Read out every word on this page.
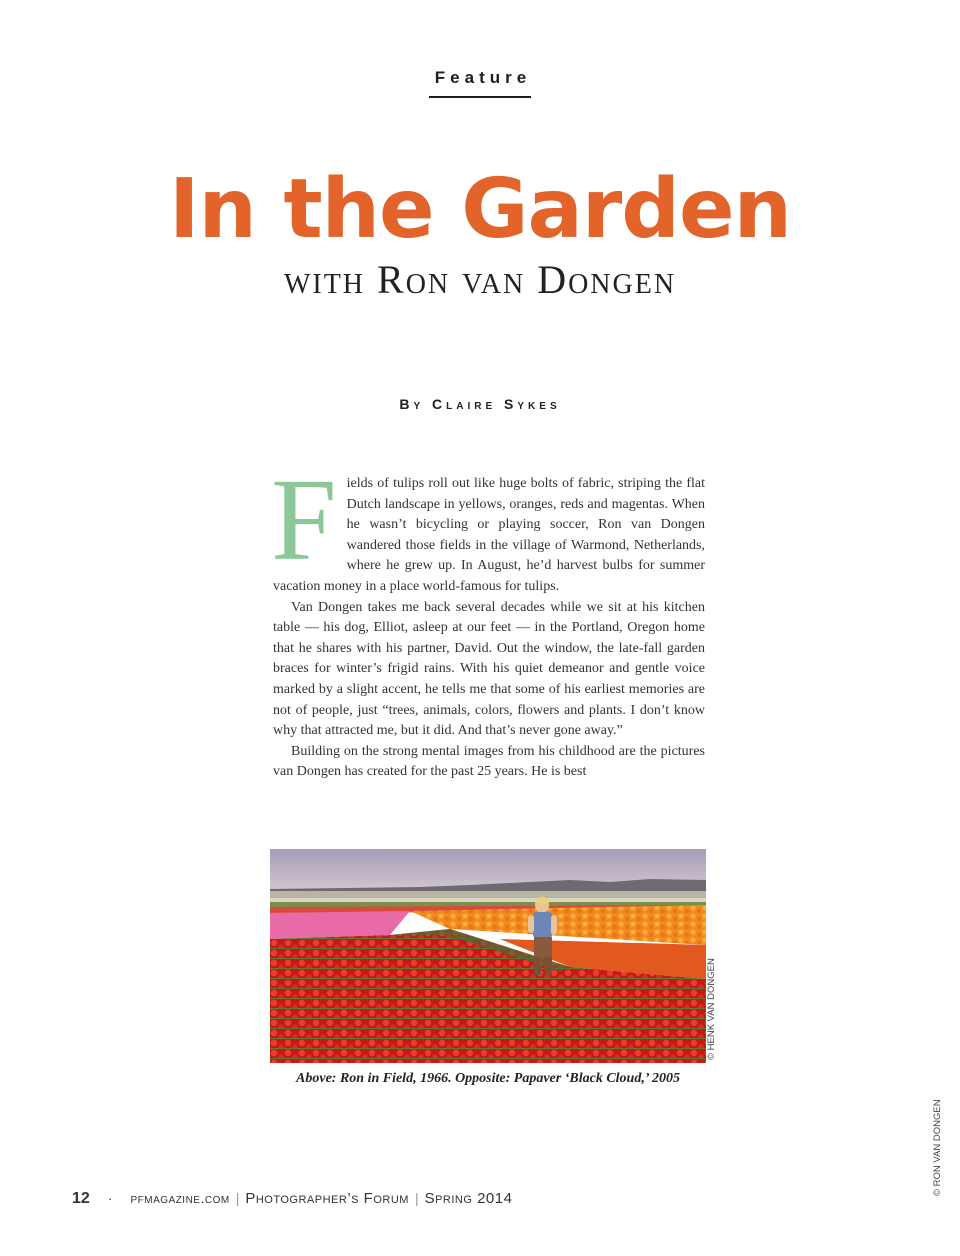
Feature
In the Garden
with Ron van Dongen
By Claire Sykes

Fields of tulips roll out like huge bolts of fabric, striping the flat Dutch landscape in yellows, oranges, reds and magentas. When he wasn’t bicycling or playing soccer, Ron van Dongen wandered those fields in the village of Warmond, Netherlands, where he grew up. In August, he’d harvest bulbs for summer vacation money in a place world-famous for tulips.

Van Dongen takes me back several decades while we sit at his kitchen table — his dog, Elliot, asleep at our feet — in the Portland, Oregon home that he shares with his partner, David. Out the window, the late-fall garden braces for winter’s frigid rains. With his quiet demeanor and gentle voice marked by a slight accent, he tells me that some of his earliest memories are not of people, just “trees, animals, colors, flowers and plants. I don’t know why that attracted me, but it did. And that’s never gone away.”

Building on the strong mental images from his childhood are the pictures van Dongen has created for the past 25 years. He is best

© HENK VAN DONGEN
Above: Ron in Field, 1966. Opposite: Papaver ‘Black Cloud,’ 2005
© RON VAN DONGEN
12 · pfmagazine.com | Photographer’s Forum | Spring 2014
